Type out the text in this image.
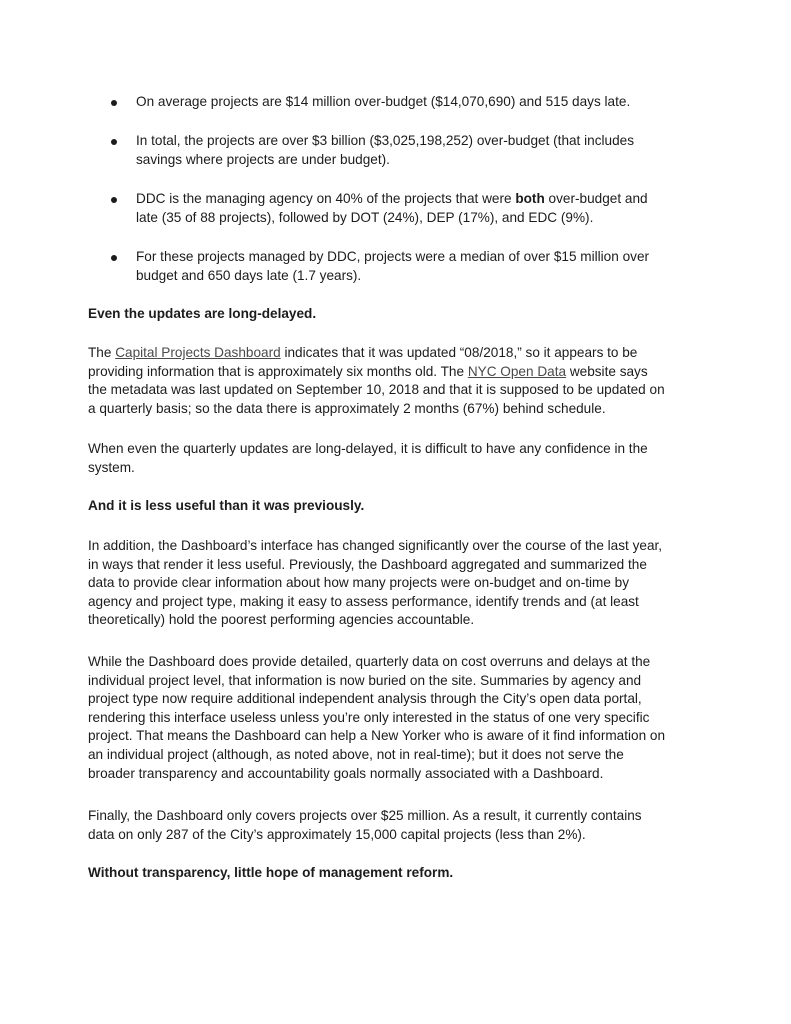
On average projects are $14 million over-budget ($14,070,690) and 515 days late.
In total, the projects are over $3 billion ($3,025,198,252) over-budget (that includes
savings where projects are under budget).
DDC is the managing agency on 40% of the projects that were both over-budget and
late (35 of 88 projects), followed by DOT (24%), DEP (17%), and EDC (9%).
For these projects managed by DDC, projects were a median of over $15 million over
budget and 650 days late (1.7 years).
Even the updates are long-delayed.
The Capital Projects Dashboard indicates that it was updated “08/2018,” so it appears to be
providing information that is approximately six months old. The NYC Open Data website says
the metadata was last updated on September 10, 2018 and that it is supposed to be updated on
a quarterly basis; so the data there is approximately 2 months (67%) behind schedule.
When even the quarterly updates are long-delayed, it is difficult to have any confidence in the
system.
And it is less useful than it was previously.
In addition, the Dashboard’s interface has changed significantly over the course of the last year,
in ways that render it less useful. Previously, the Dashboard aggregated and summarized the
data to provide clear information about how many projects were on-budget and on-time by
agency and project type, making it easy to assess performance, identify trends and (at least
theoretically) hold the poorest performing agencies accountable.
While the Dashboard does provide detailed, quarterly data on cost overruns and delays at the
individual project level, that information is now buried on the site. Summaries by agency and
project type now require additional independent analysis through the City’s open data portal,
rendering this interface useless unless you’re only interested in the status of one very specific
project. That means the Dashboard can help a New Yorker who is aware of it find information on
an individual project (although, as noted above, not in real-time); but it does not serve the
broader transparency and accountability goals normally associated with a Dashboard.
Finally, the Dashboard only covers projects over $25 million. As a result, it currently contains
data on only 287 of the City’s approximately 15,000 capital projects (less than 2%).
Without transparency, little hope of management reform.
